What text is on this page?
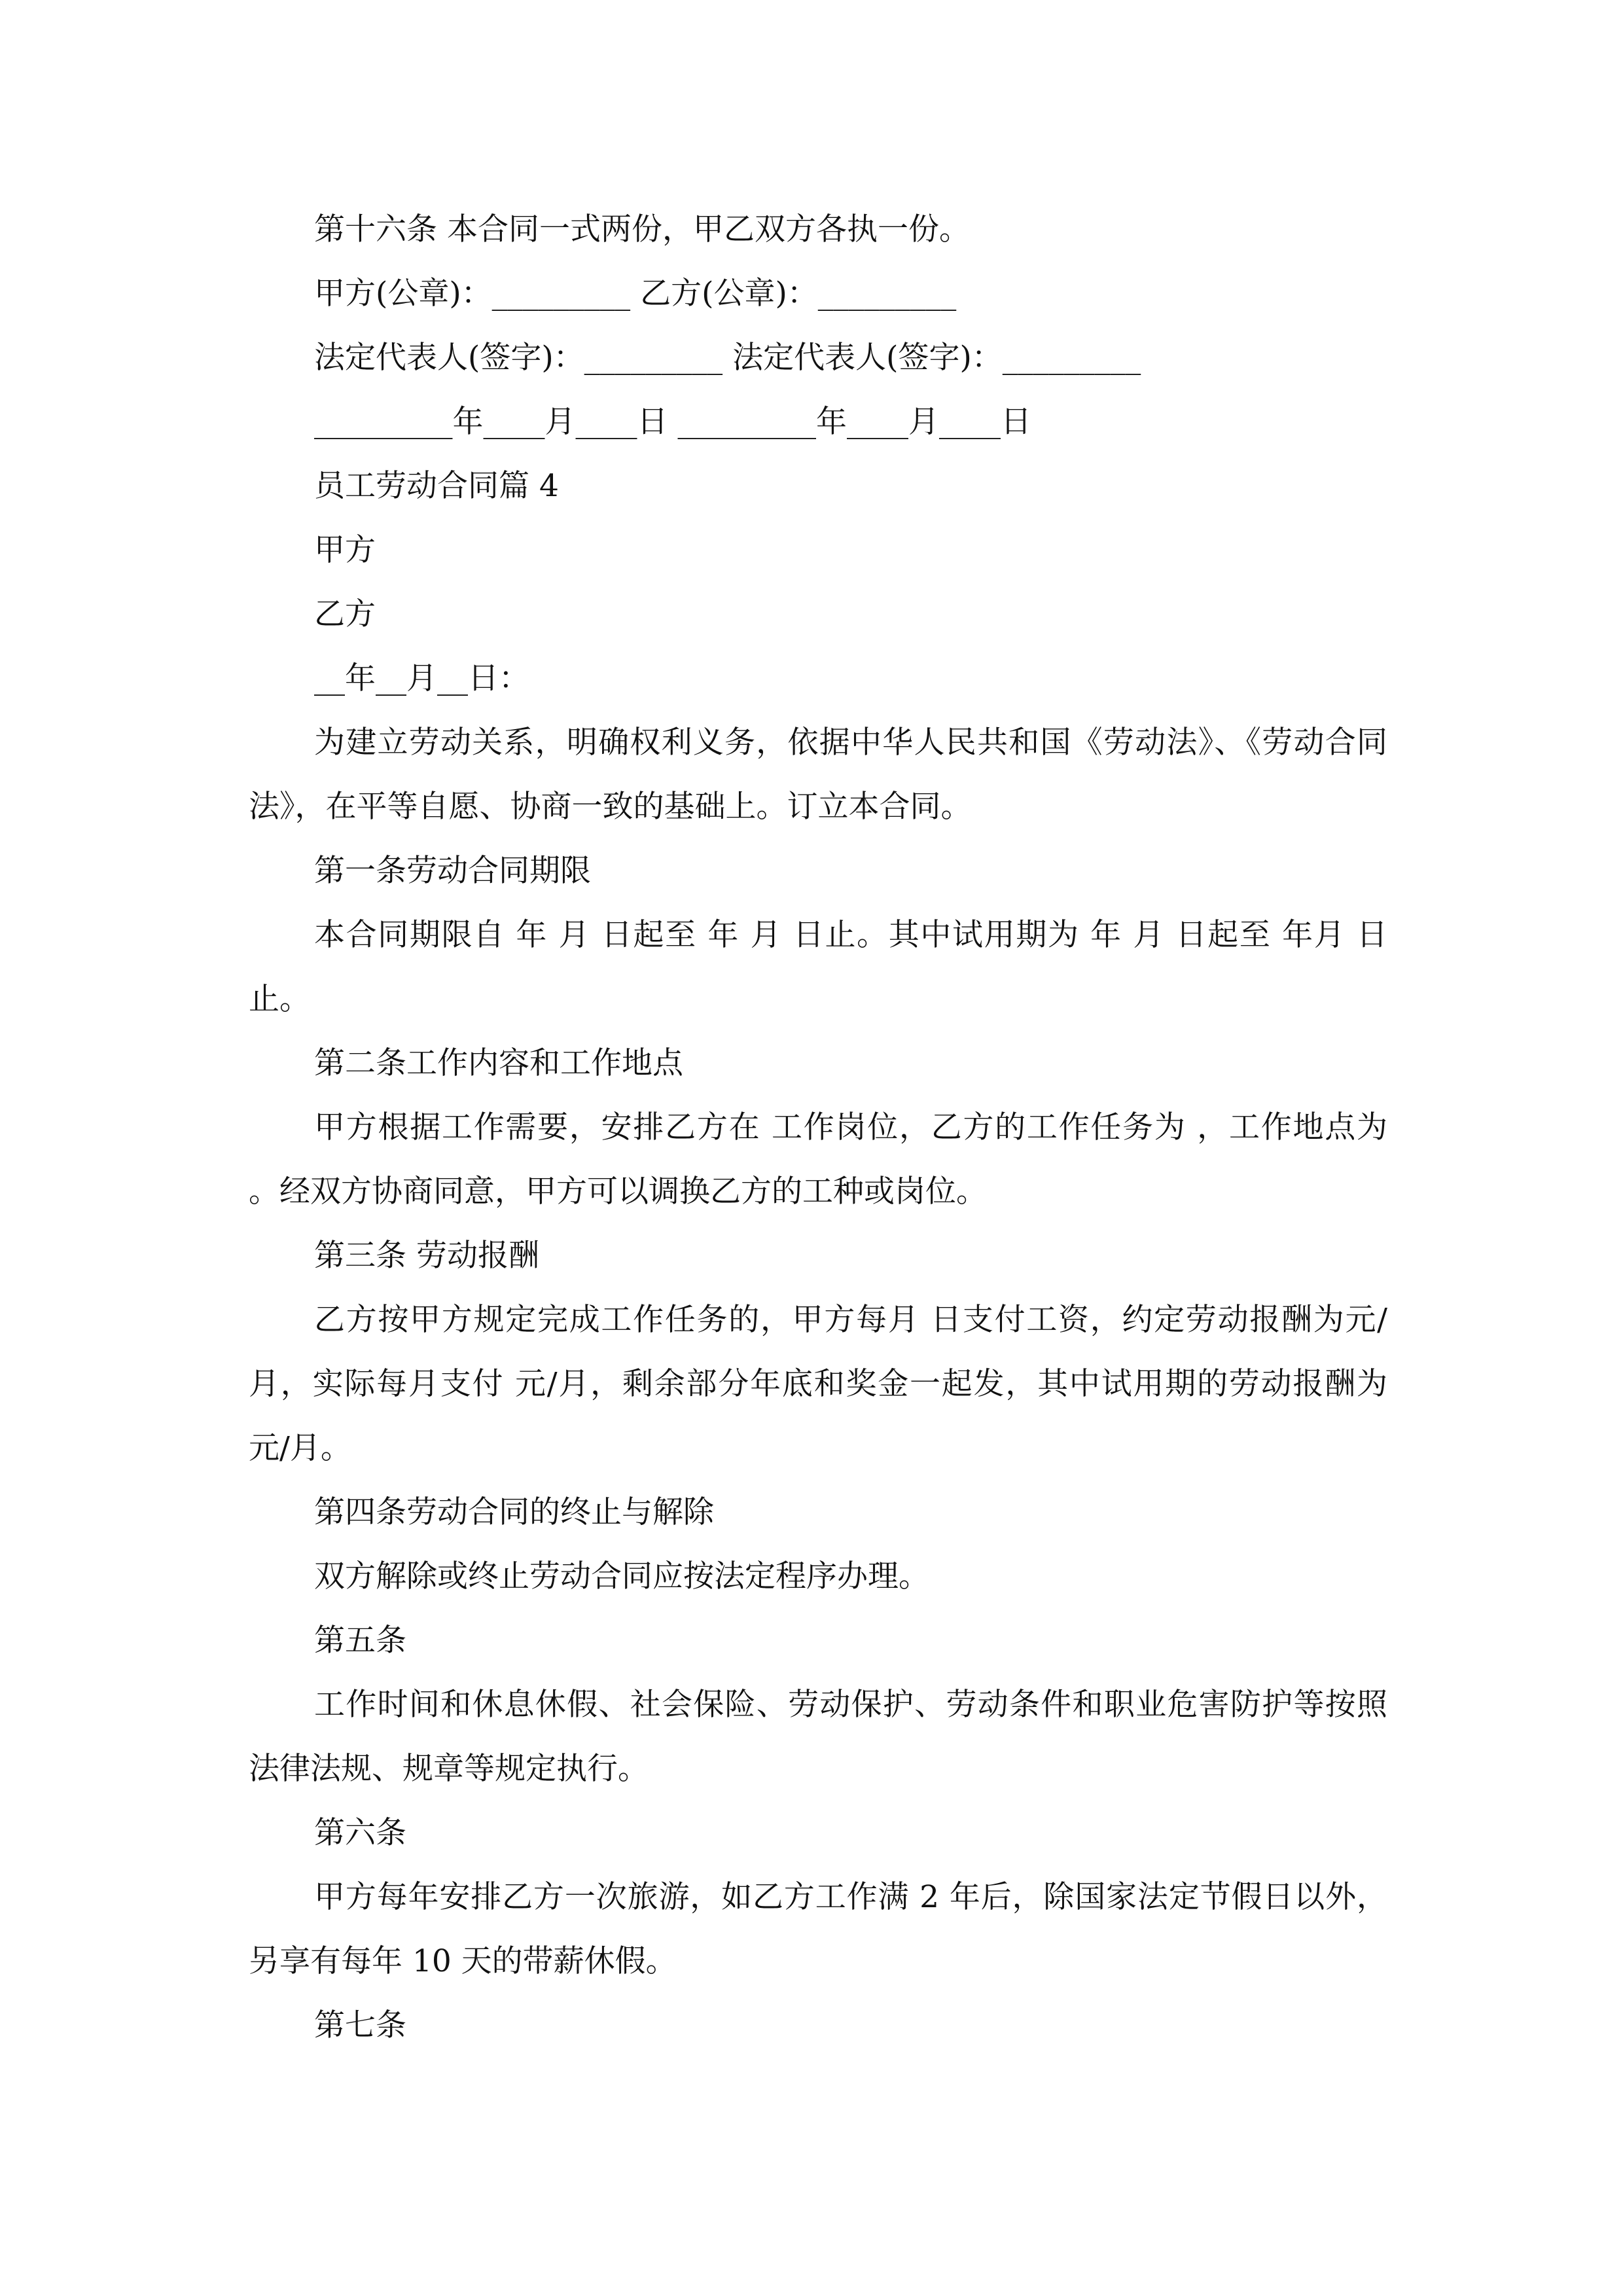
第十六条 本合同一式两份，甲乙双方各执一份。
甲方(公章)：_________ 乙方(公章)：_________
法定代表人(签字)：_________ 法定代表人(签字)：_________
_________年____月____日 _________年____月____日
员工劳动合同篇 4
甲方
乙方
__年__月__日：
为建立劳动关系，明确权利义务，依据中华人民共和国《劳动法》、《劳动合同法》，在平等自愿、协商一致的基础上。订立本合同。
第一条劳动合同期限
本合同期限自 年 月 日起至 年 月 日止。其中试用期为 年 月 日起至 年月 日止。
第二条工作内容和工作地点
甲方根据工作需要，安排乙方在 工作岗位，乙方的工作任务为 ，工作地点为 。经双方协商同意，甲方可以调换乙方的工种或岗位。
第三条 劳动报酬
乙方按甲方规定完成工作任务的，甲方每月 日支付工资，约定劳动报酬为元/月，实际每月支付 元/月，剩余部分年底和奖金一起发，其中试用期的劳动报酬为 元/月。
第四条劳动合同的终止与解除
双方解除或终止劳动合同应按法定程序办理。
第五条
工作时间和休息休假、社会保险、劳动保护、劳动条件和职业危害防护等按照法律法规、规章等规定执行。
第六条
甲方每年安排乙方一次旅游，如乙方工作满 2 年后，除国家法定节假日以外，另享有每年 10 天的带薪休假。
第七条
